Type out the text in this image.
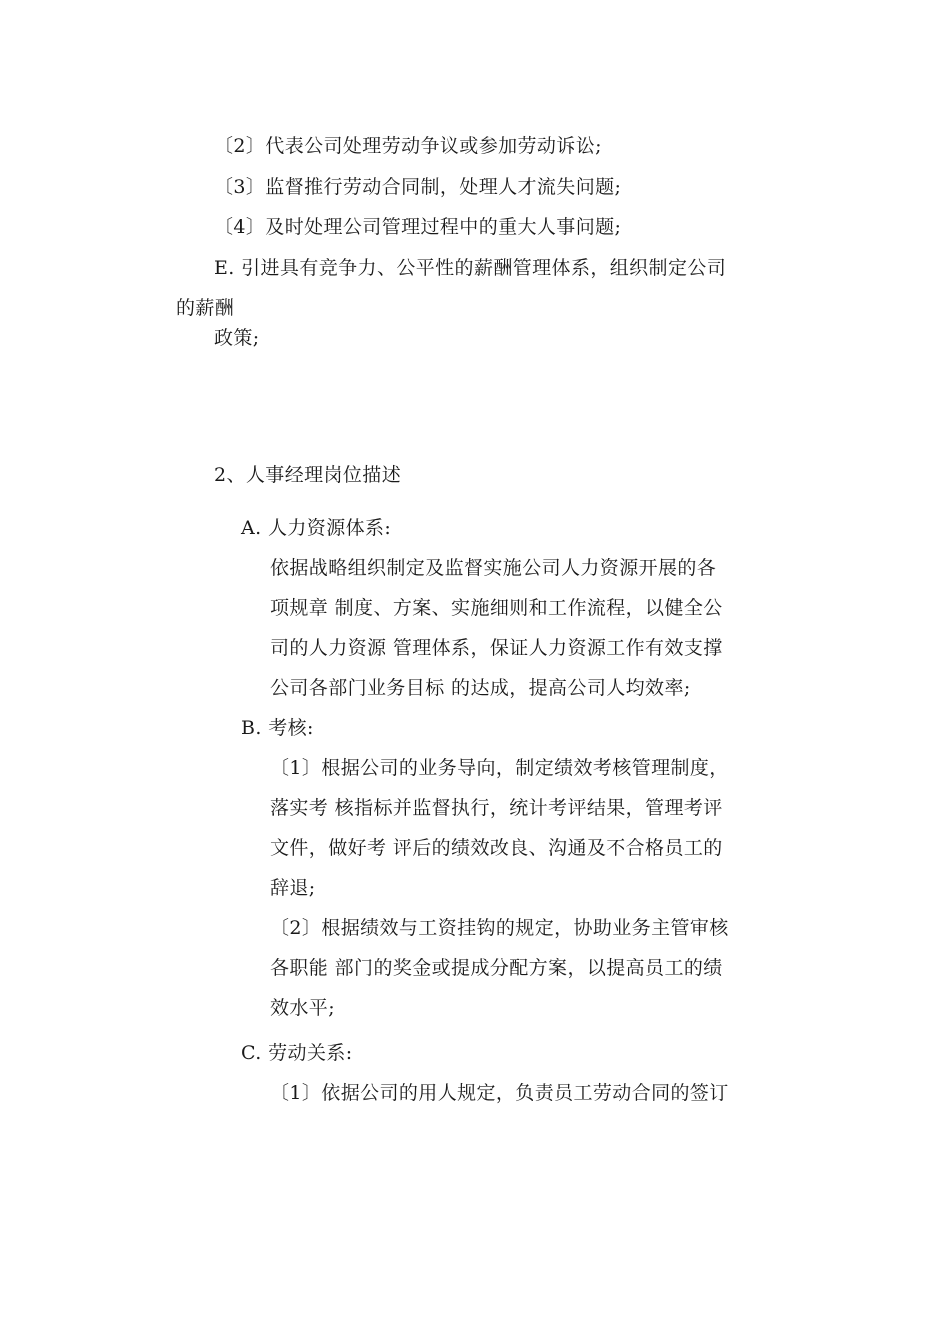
〔2〕代表公司处理劳动争议或参加劳动诉讼;
〔3〕监督推行劳动合同制，处理人才流失问题;
〔4〕及时处理公司管理过程中的重大人事问题;
E. 引进具有竞争力、公平性的薪酬管理体系，组织制定公司
的薪酬
政策;
2、人事经理岗位描述
A. 人力资源体系:
依据战略组织制定及监督实施公司人力资源开展的各
项规章 制度、方案、实施细则和工作流程，以健全公
司的人力资源 管理体系，保证人力资源工作有效支撑
公司各部门业务目标 的达成，提高公司人均效率;
B. 考核:
〔1〕根据公司的业务导向，制定绩效考核管理制度，
落实考 核指标并监督执行，统计考评结果，管理考评
文件，做好考 评后的绩效改良、沟通及不合格员工的
辞退;
〔2〕根据绩效与工资挂钩的规定，协助业务主管审核
各职能 部门的奖金或提成分配方案，以提高员工的绩
效水平;
C. 劳动关系:
〔1〕依据公司的用人规定，负责员工劳动合同的签订
